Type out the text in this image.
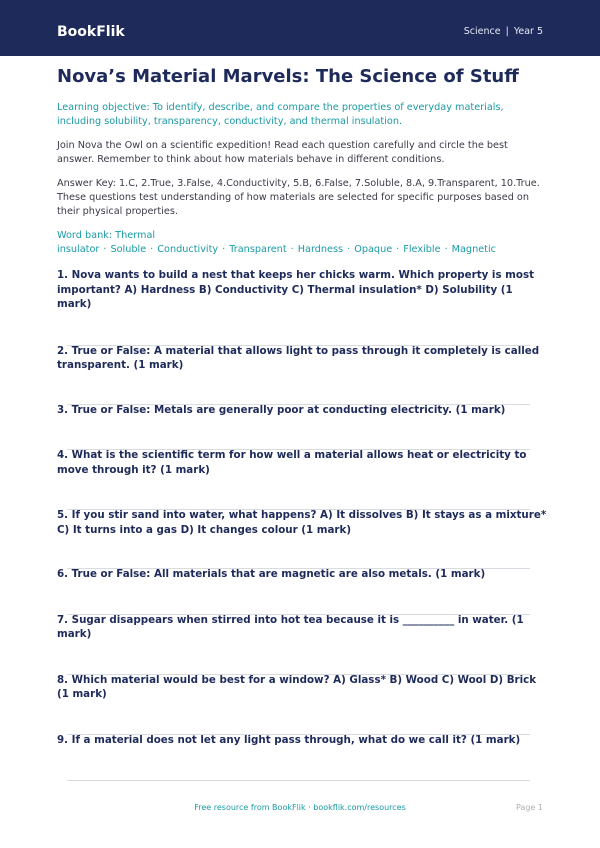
BookFlik	Science | Year 5
Nova’s Material Marvels: The Science of Stuff
Learning objective: To identify, describe, and compare the properties of everyday materials, including solubility, transparency, conductivity, and thermal insulation.
Join Nova the Owl on a scientific expedition! Read each question carefully and circle the best answer. Remember to think about how materials behave in different conditions.
Answer Key: 1.C, 2.True, 3.False, 4.Conductivity, 5.B, 6.False, 7.Soluble, 8.A, 9.Transparent, 10.True. These questions test understanding of how materials are selected for specific purposes based on their physical properties.
Word bank: Thermal insulator · Soluble · Conductivity · Transparent · Hardness · Opaque · Flexible · Magnetic

1. Nova wants to build a nest that keeps her chicks warm. Which property is most important? A) Hardness B) Conductivity C) Thermal insulation* D) Solubility (1 mark)

2. True or False: A material that allows light to pass through it completely is called transparent. (1 mark)

3. True or False: Metals are generally poor at conducting electricity. (1 mark)

4. What is the scientific term for how well a material allows heat or electricity to move through it? (1 mark)

5. If you stir sand into water, what happens? A) It dissolves B) It stays as a mixture* C) It turns into a gas D) It changes colour (1 mark)

6. True or False: All materials that are magnetic are also metals. (1 mark)

7. Sugar disappears when stirred into hot tea because it is __________ in water. (1 mark)

8. Which material would be best for a window? A) Glass* B) Wood C) Wool D) Brick (1 mark)

9. If a material does not let any light pass through, what do we call it? (1 mark)

Free resource from BookFlik · bookflik.com/resources	Page 1
